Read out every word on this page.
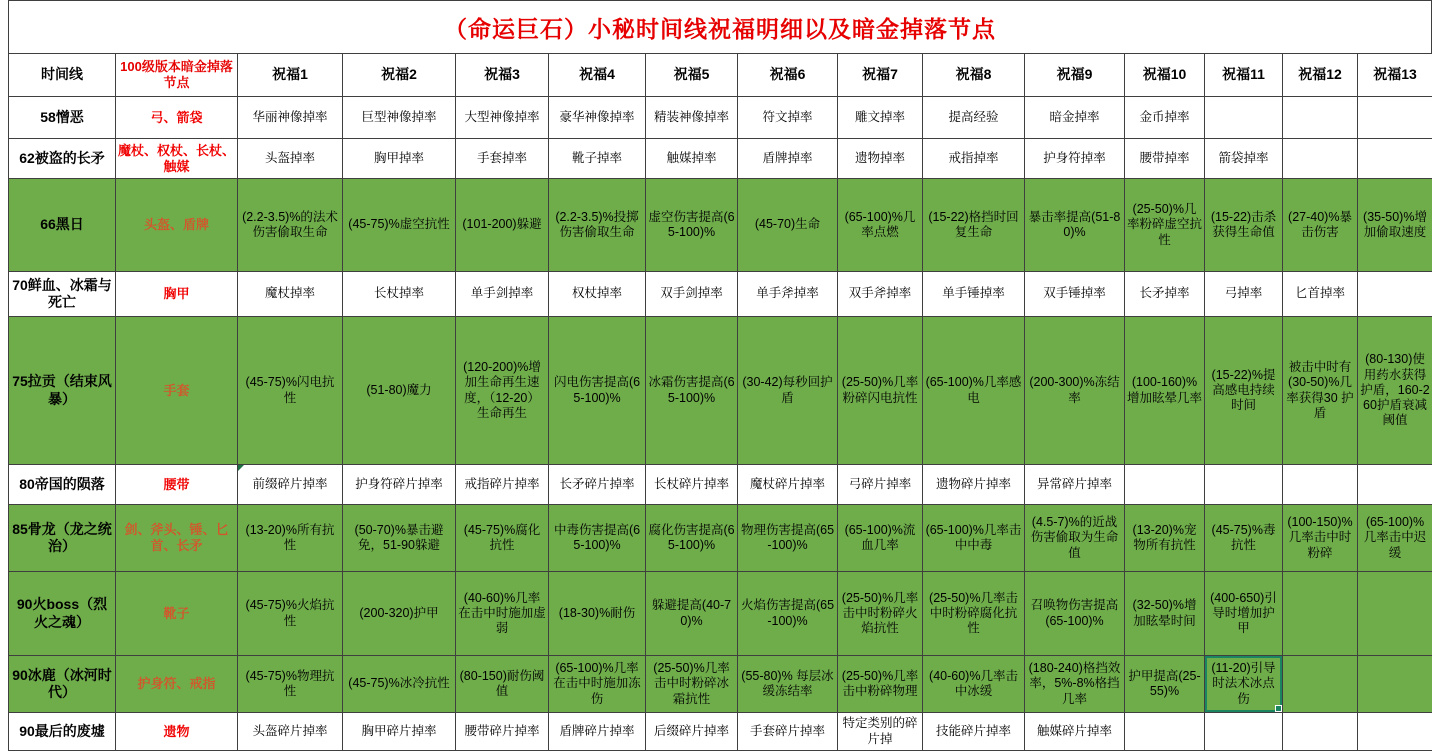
（命运巨石）小秘时间线祝福明细以及暗金掉落节点
时间线	100级版本暗金掉落节点	祝福1	祝福2	祝福3	祝福4	祝福5	祝福6	祝福7	祝福8	祝福9	祝福10	祝福11	祝福12	祝福13
58憎恶	弓、箭袋	华丽神像掉率	巨型神像掉率	大型神像掉率	豪华神像掉率	精装神像掉率	符文掉率	雕文掉率	提高经验	暗金掉率	金币掉率			
62被盗的长矛	魔杖、权杖、长杖、触媒	头盔掉率	胸甲掉率	手套掉率	靴子掉率	触媒掉率	盾牌掉率	遗物掉率	戒指掉率	护身符掉率	腰带掉率	箭袋掉率		
66黑日	头盔、盾牌	(2.2-3.5)%的法术伤害偷取生命	(45-75)%虚空抗性	(101-200)躲避	(2.2-3.5)%投掷伤害偷取生命	虚空伤害提高(65-100)%	(45-70)生命	(65-100)%几率点燃	(15-22)格挡时回复生命	暴击率提高(51-80)%	(25-50)%几率粉碎虚空抗性	(15-22)击杀获得生命值	(27-40)%暴击伤害	(35-50)%增加偷取速度
70鲜血、冰霜与死亡	胸甲	魔杖掉率	长杖掉率	单手剑掉率	权杖掉率	双手剑掉率	单手斧掉率	双手斧掉率	单手锤掉率	双手锤掉率	长矛掉率	弓掉率	匕首掉率	
75拉贡（结束风暴）	手套	(45-75)%闪电抗性	(51-80)魔力	(120-200)%增加生命再生速度，（12-20）生命再生	闪电伤害提高(65-100)%	冰霜伤害提高(65-100)%	(30-42)每秒回护盾	(25-50)%几率粉碎闪电抗性	(65-100)%几率感电	(200-300)%冻结率	(100-160)%增加眩晕几率	(15-22)%提高感电持续时间	被击中时有(30-50)%几率获得30 护盾	(80-130)使用药水获得护盾，160-260护盾衰减阈值
80帝国的陨落	腰带	前缀碎片掉率	护身符碎片掉率	戒指碎片掉率	长矛碎片掉率	长杖碎片掉率	魔杖碎片掉率	弓碎片掉率	遗物碎片掉率	异常碎片掉率				
85骨龙（龙之统治）	剑、斧头、锤、匕首、长矛	(13-20)%所有抗性	(50-70)%暴击避免，51-90躲避	(45-75)%腐化抗性	中毒伤害提高(65-100)%	腐化伤害提高(65-100)%	物理伤害提高(65-100)%	(65-100)%流血几率	(65-100)%几率击中中毒	(4.5-7)%的近战伤害偷取为生命值	(13-20)%宠物所有抗性	(45-75)%毒抗性	(100-150)%几率击中时粉碎	(65-100)%几率击中迟缓
90火boss（烈火之魂）	靴子	(45-75)%火焰抗性	(200-320)护甲	(40-60)%几率在击中时施加虚弱	(18-30)%耐伤	躲避提高(40-70)%	火焰伤害提高(65-100)%	(25-50)%几率击中时粉碎火焰抗性	(25-50)%几率击中时粉碎腐化抗性	召唤物伤害提高(65-100)%	(32-50)%增加眩晕时间	(400-650)引导时增加护甲		
90冰鹿（冰河时代）	护身符、戒指	(45-75)%物理抗性	(45-75)%冰冷抗性	(80-150)耐伤阈值	(65-100)%几率在击中时施加冻伤	(25-50)%几率击中时粉碎冰霜抗性	(55-80)% 每层冰缓冻结率	(25-50)%几率击中粉碎物理	(40-60)%几率击中冰缓	(180-240)格挡效率，5%-8%格挡几率	护甲提高(25-55)%	(11-20)引导时法术冰点伤		
90最后的废墟	遗物	头盔碎片掉率	胸甲碎片掉率	腰带碎片掉率	盾牌碎片掉率	后缀碎片掉率	手套碎片掉率	特定类别的碎片掉	技能碎片掉率	触媒碎片掉率				
